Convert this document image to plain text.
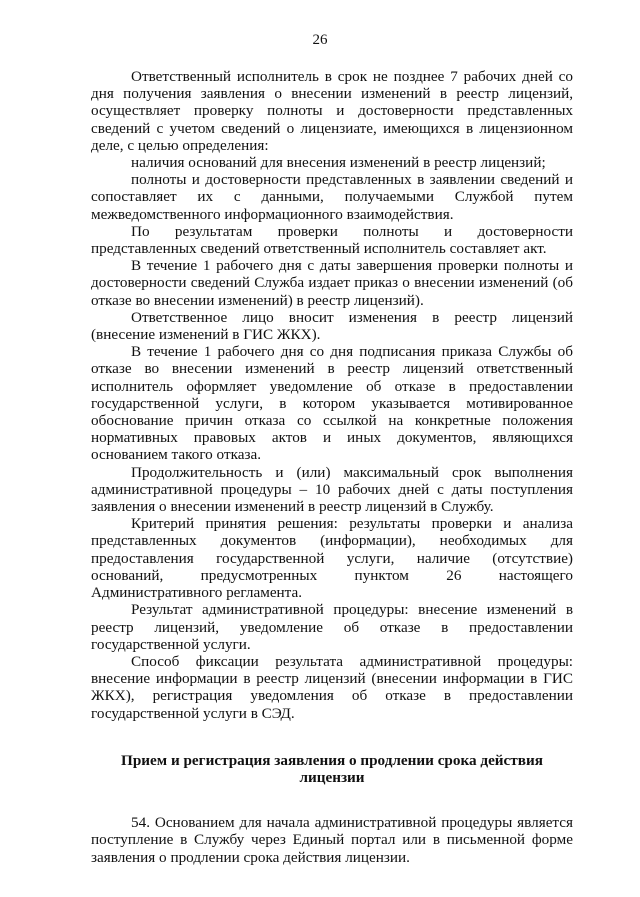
26

Ответственный исполнитель в срок не позднее 7 рабочих дней со дня получения заявления о внесении изменений в реестр лицензий, осуществляет проверку полноты и достоверности представленных сведений с учетом сведений о лицензиате, имеющихся в лицензионном деле, с целью определения:

наличия оснований для внесения изменений в реестр лицензий;

полноты и достоверности представленных в заявлении сведений и сопоставляет их с данными, получаемыми Службой путем межведомственного информационного взаимодействия.

По результатам проверки полноты и достоверности представленных сведений ответственный исполнитель составляет акт.

В течение 1 рабочего дня с даты завершения проверки полноты и достоверности сведений Служба издает приказ о внесении изменений (об отказе во внесении изменений) в реестр лицензий).

Ответственное лицо вносит изменения в реестр лицензий (внесение изменений в ГИС ЖКХ).

В течение 1 рабочего дня со дня подписания приказа Службы об отказе во внесении изменений в реестр лицензий ответственный исполнитель оформляет уведомление об отказе в предоставлении государственной услуги, в котором указывается мотивированное обоснование причин отказа со ссылкой на конкретные положения нормативных правовых актов и иных документов, являющихся основанием такого отказа.

Продолжительность и (или) максимальный срок выполнения административной процедуры – 10 рабочих дней с даты поступления заявления о внесении изменений в реестр лицензий в Службу.

Критерий принятия решения: результаты проверки и анализа представленных документов (информации), необходимых для предоставления государственной услуги, наличие (отсутствие) оснований, предусмотренных пунктом 26 настоящего Административного регламента.

Результат административной процедуры: внесение изменений в реестр лицензий, уведомление об отказе в предоставлении государственной услуги.

Способ фиксации результата административной процедуры: внесение информации в реестр лицензий (внесении информации в ГИС ЖКХ), регистрация уведомления об отказе в предоставлении государственной услуги в СЭД.

Прием и регистрация заявления о продлении срока действия
лицензии

54. Основанием для начала административной процедуры является поступление в Службу через Единый портал или в письменной форме заявления о продлении срока действия лицензии.
